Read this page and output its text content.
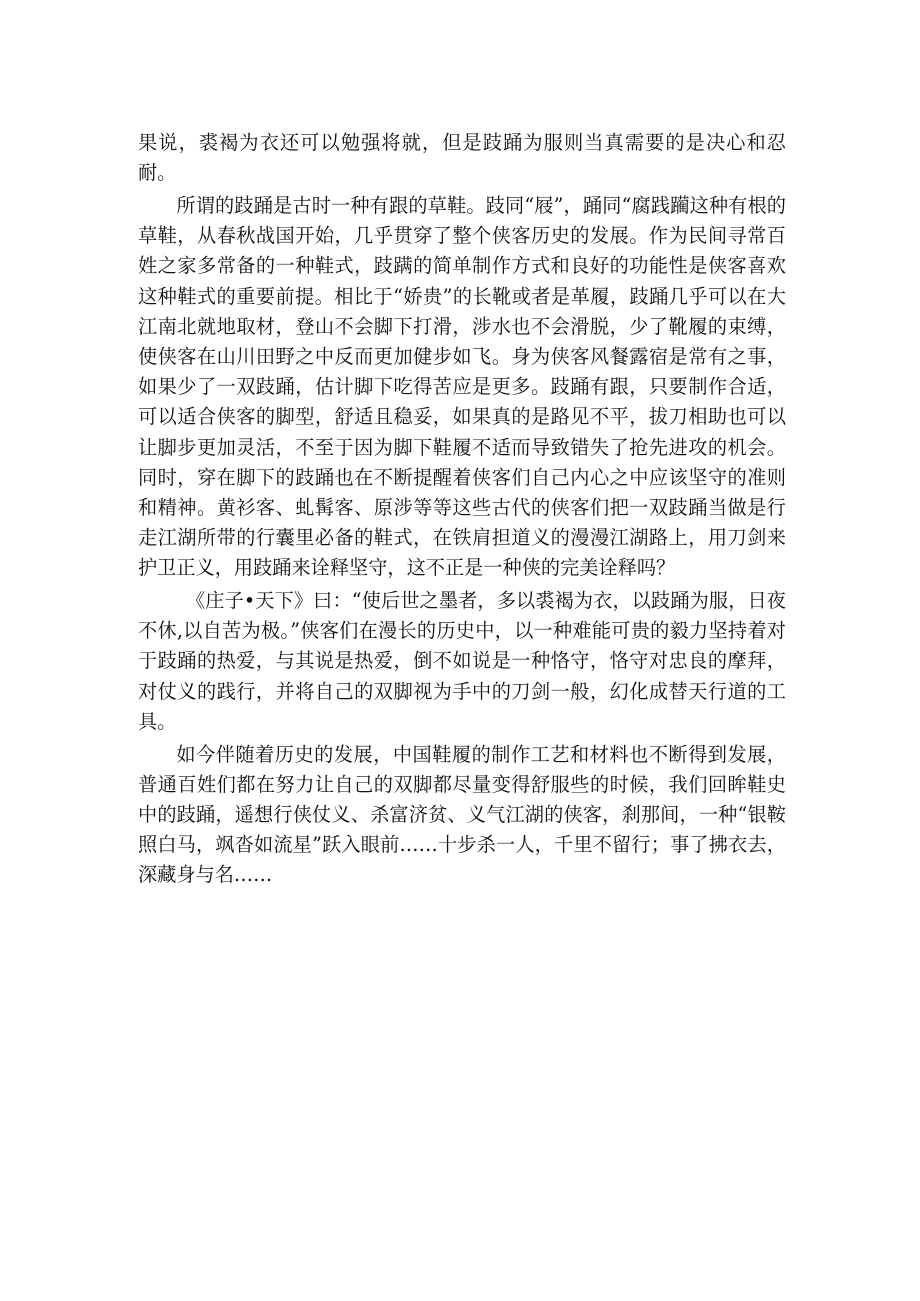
果说，裘褐为衣还可以勉强将就，但是跂踊为服则当真需要的是决心和忍耐。

所谓的跂踊是古时一种有跟的草鞋。跂同“屐”，踊同“腐践躏这种有根的草鞋，从春秋战国开始，几乎贯穿了整个侠客历史的发展。作为民间寻常百姓之家多常备的一种鞋式，跂蹒的简单制作方式和良好的功能性是侠客喜欢这种鞋式的重要前提。相比于“娇贵”的长靴或者是革履，跂踊几乎可以在大江南北就地取材，登山不会脚下打滑，涉水也不会滑脱，少了靴履的束缚，使侠客在山川田野之中反而更加健步如飞。身为侠客风餐露宿是常有之事，如果少了一双跂踊，估计脚下吃得苦应是更多。跂踊有跟，只要制作合适，可以适合侠客的脚型，舒适且稳妥，如果真的是路见不平，拔刀相助也可以让脚步更加灵活，不至于因为脚下鞋履不适而导致错失了抢先进攻的机会。同时，穿在脚下的跂踊也在不断提醒着侠客们自己内心之中应该坚守的准则和精神。黄衫客、虬髯客、原涉等等这些古代的侠客们把一双跂踊当做是行走江湖所带的行囊里必备的鞋式，在铁肩担道义的漫漫江湖路上，用刀剑来护卫正义，用跂踊来诠释坚守，这不正是一种侠的完美诠释吗？

《庄子•天下》曰：“使后世之墨者，多以裘褐为衣，以跂踊为服，日夜不休,以自苦为极。”侠客们在漫长的历史中，以一种难能可贵的毅力坚持着对于跂踊的热爱，与其说是热爱，倒不如说是一种恪守，恪守对忠良的摩拜，对仗义的践行，并将自己的双脚视为手中的刀剑一般，幻化成替天行道的工具。

如今伴随着历史的发展，中国鞋履的制作工艺和材料也不断得到发展，普通百姓们都在努力让自己的双脚都尽量变得舒服些的时候，我们回眸鞋史中的跂踊，遥想行侠仗义、杀富济贫、义气江湖的侠客，刹那间，一种“银鞍照白马，飒沓如流星”跃入眼前……十步杀一人，千里不留行；事了拂衣去，深藏身与名……
